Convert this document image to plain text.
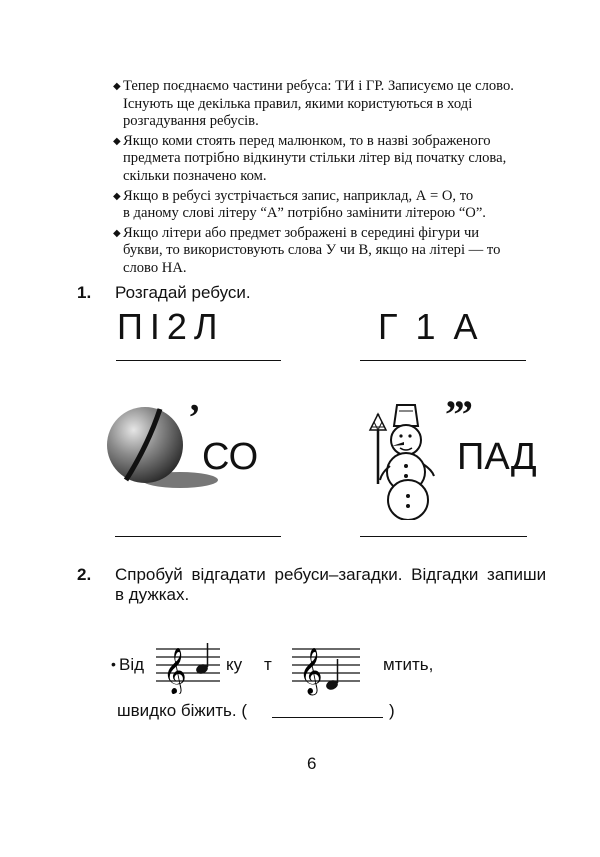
◆ Тепер поєднаємо частини ребуса: ТИ і ГР. Записуємо це слово.
Існують ще декілька правил, якими користуються в ході
розгадування ребусів.
◆ Якщо коми стоять перед малюнком, то в назві зображеного
предмета потрібно відкинути стільки літер від початку слова,
скільки позначено ком.
◆ Якщо в ребусі зустрічається запис, наприклад, А = О, то
в даному слові літеру “А” потрібно замінити літерою “О”.
◆ Якщо літери або предмет зображені в середині фігури чи
букви, то використовують слова У чи В, якщо на літері — то
слово НА.
1. Розгадай ребуси.
ПІ2Л	Г 1 А
’
СО
’’’
ПАД
2. Спробуй відгадати ребуси–загадки. Відгадки запиши
в дужках.
• Від 𝄞 ку т 𝄞	мтить,
швидко біжить. (	)
6
